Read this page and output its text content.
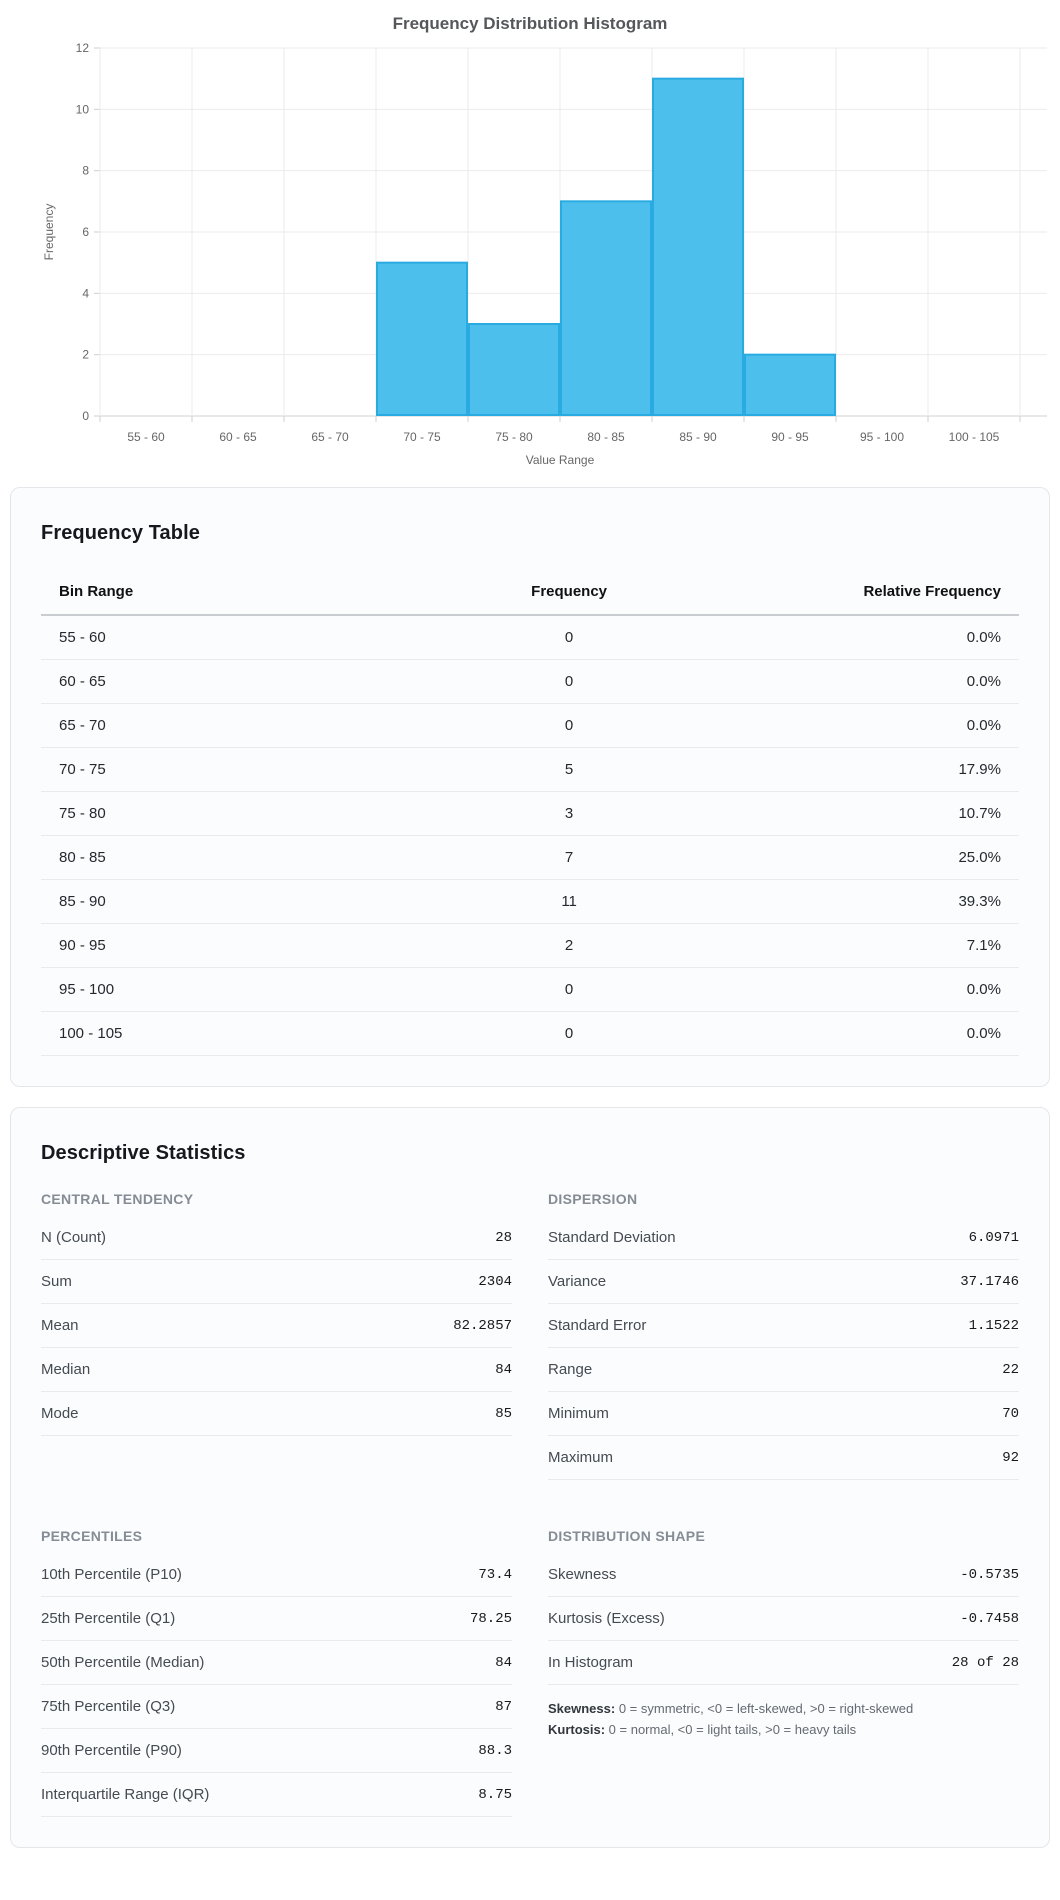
0
2
4
6
8
10
12
55 - 60	60 - 65	65 - 70	70 - 75	75 - 80	80 - 85	85 - 90	90 - 95	95 - 100	100 - 105
Frequency Distribution Histogram
Value Range
Frequency
Frequency Table
Bin Range	Frequency	Relative Frequency
55 - 60	0	0.0%
60 - 65	0	0.0%
65 - 70	0	0.0%
70 - 75	5	17.9%
75 - 80	3	10.7%
80 - 85	7	25.0%
85 - 90	11	39.3%
90 - 95	2	7.1%
95 - 100	0	0.0%
100 - 105	0	0.0%
Descriptive Statistics
CENTRAL TENDENCY
N (Count)	28
Sum	2304
Mean	82.2857
Median	84
Mode	85
DISPERSION
Standard Deviation	6.0971
Variance	37.1746
Standard Error	1.1522
Range	22
Minimum	70
Maximum	92
PERCENTILES
10th Percentile (P10)	73.4
25th Percentile (Q1)	78.25
50th Percentile (Median)	84
75th Percentile (Q3)	87
90th Percentile (P90)	88.3
Interquartile Range (IQR)	8.75
DISTRIBUTION SHAPE
Skewness	-0.5735
Kurtosis (Excess)	-0.7458
In Histogram	28 of 28
Skewness: 0 = symmetric, <0 = left-skewed, >0 = right-skewed
Kurtosis: 0 = normal, <0 = light tails, >0 = heavy tails
